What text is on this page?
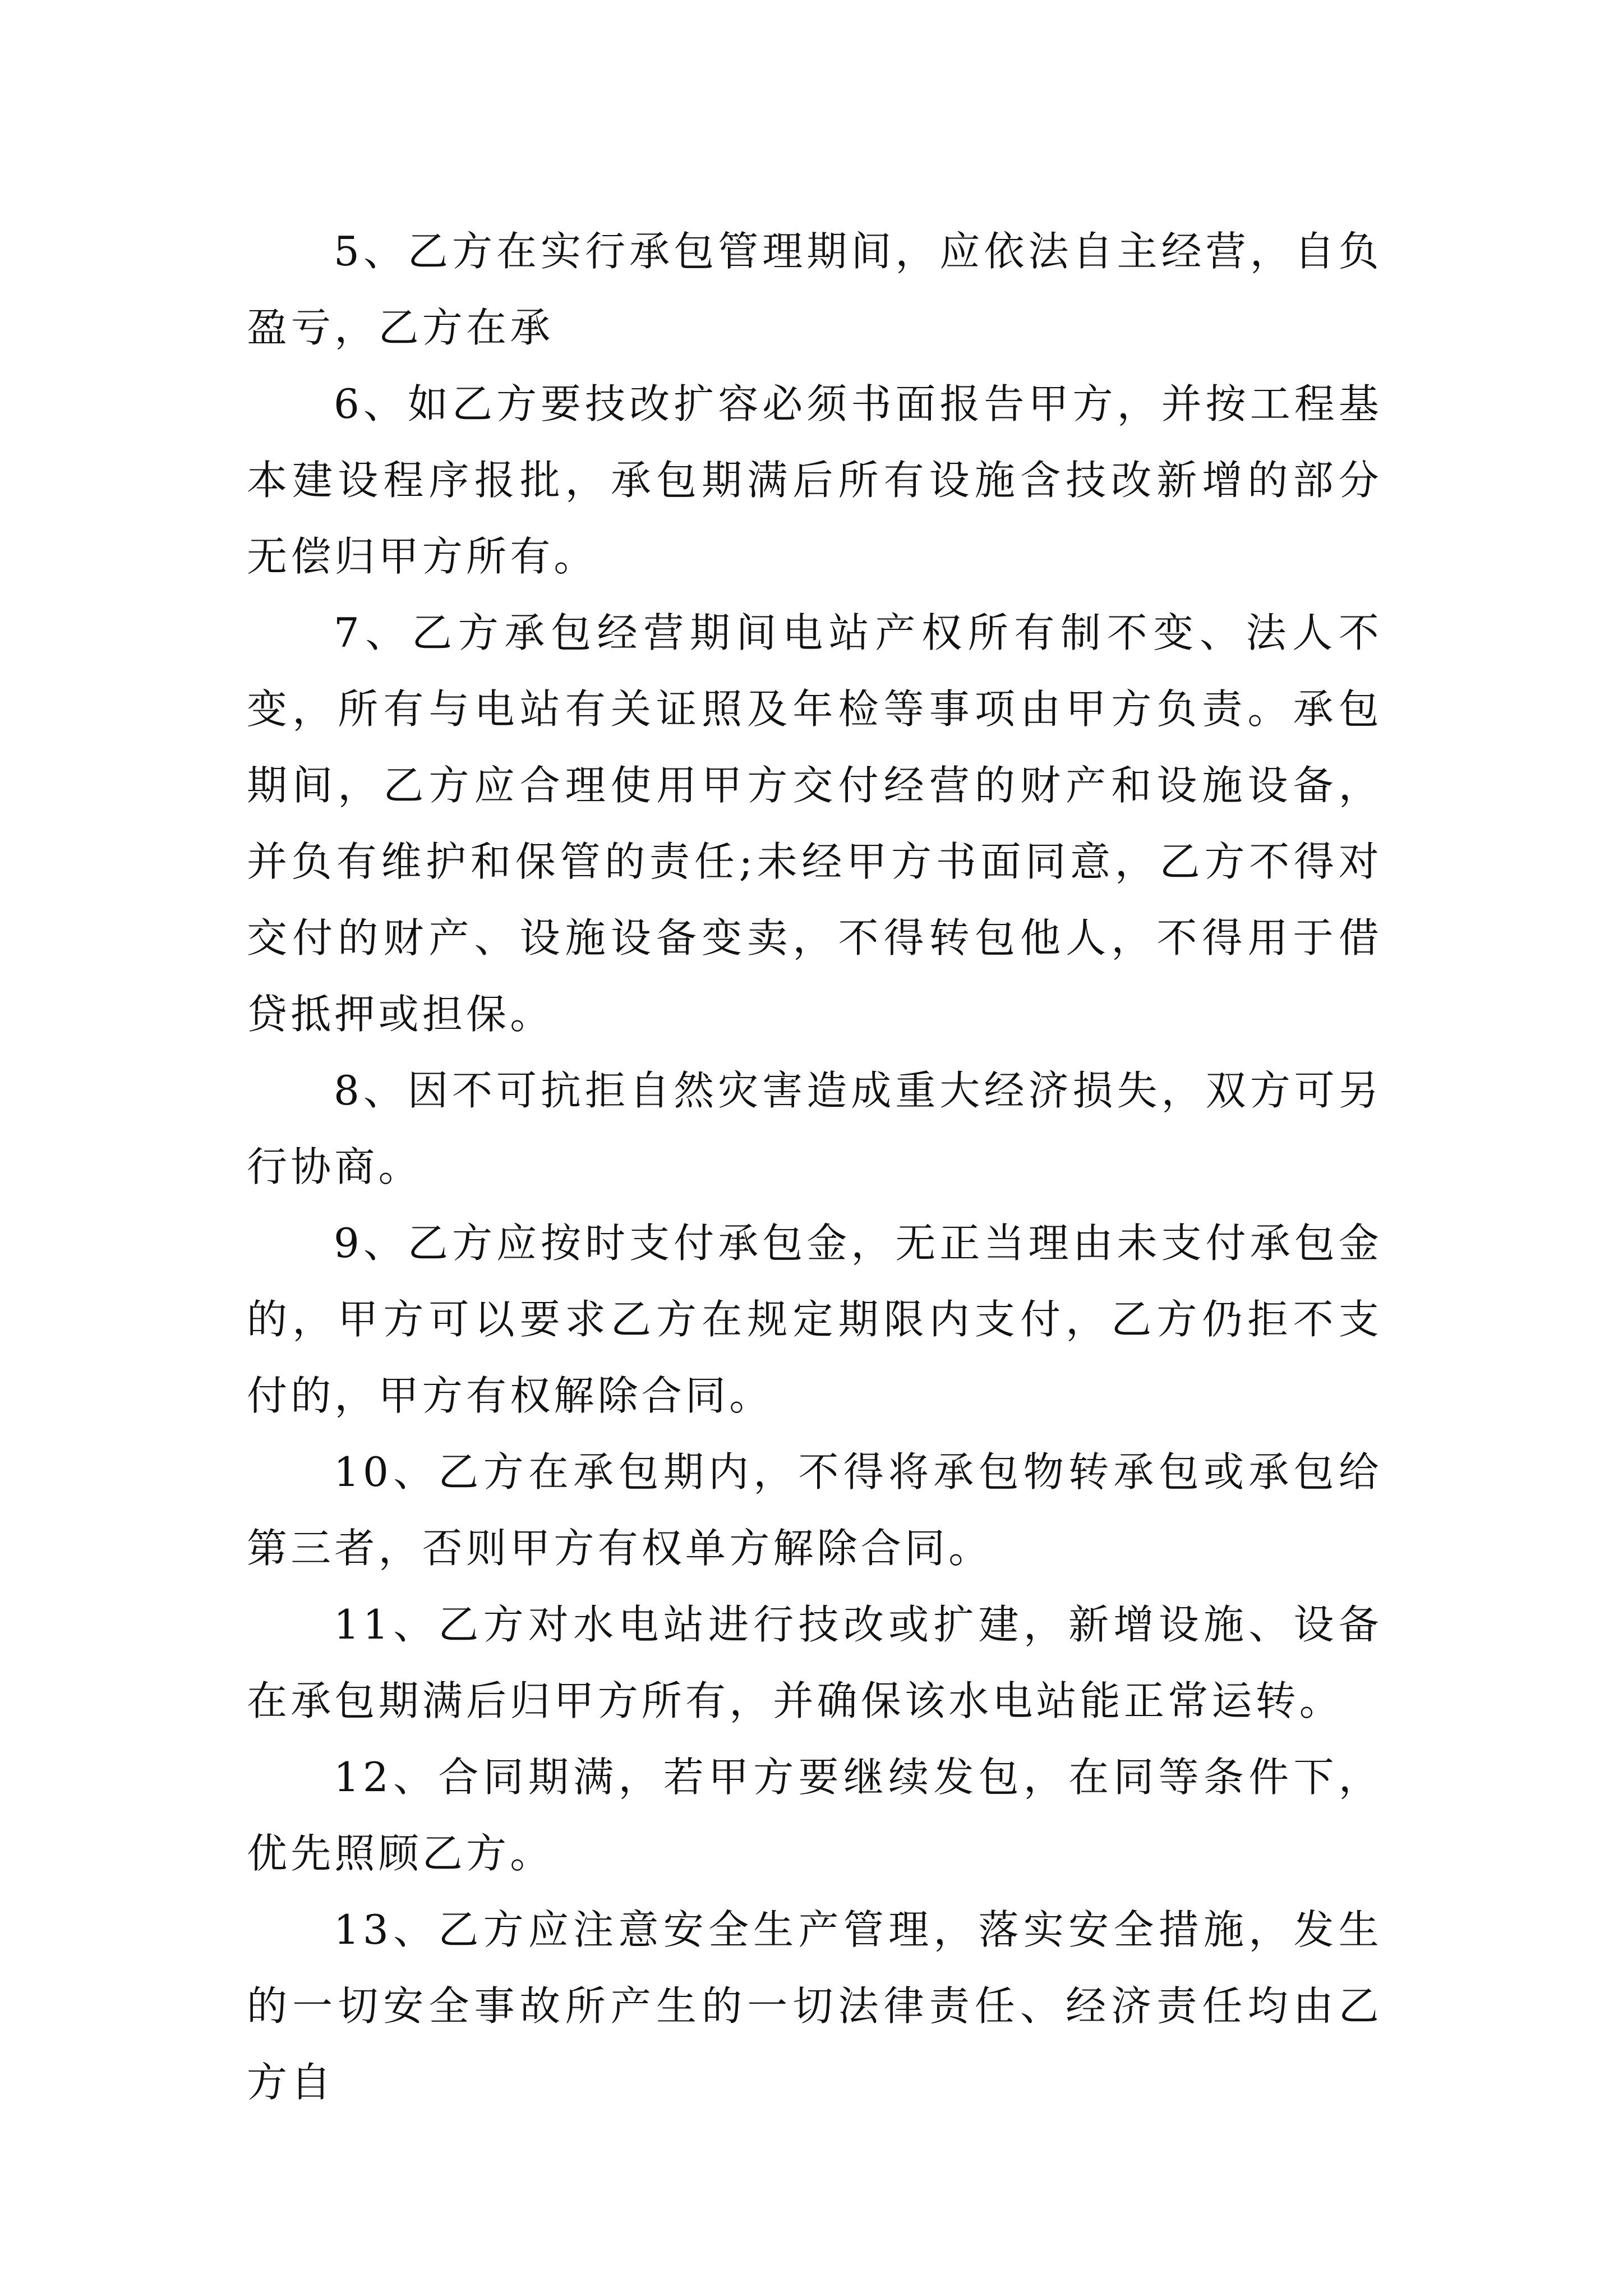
5、乙方在实行承包管理期间，应依法自主经营，自负盈亏，乙方在承

6、如乙方要技改扩容必须书面报告甲方，并按工程基本建设程序报批，承包期满后所有设施含技改新增的部分无偿归甲方所有。

7、乙方承包经营期间电站产权所有制不变、法人不变，所有与电站有关证照及年检等事项由甲方负责。承包期间，乙方应合理使用甲方交付经营的财产和设施设备，并负有维护和保管的责任;未经甲方书面同意，乙方不得对交付的财产、设施设备变卖，不得转包他人，不得用于借贷抵押或担保。

8、因不可抗拒自然灾害造成重大经济损失，双方可另行协商。

9、乙方应按时支付承包金，无正当理由未支付承包金的，甲方可以要求乙方在规定期限内支付，乙方仍拒不支付的，甲方有权解除合同。

10、乙方在承包期内，不得将承包物转承包或承包给第三者，否则甲方有权单方解除合同。

11、乙方对水电站进行技改或扩建，新增设施、设备在承包期满后归甲方所有，并确保该水电站能正常运转。

12、合同期满，若甲方要继续发包，在同等条件下，优先照顾乙方。

13、乙方应注意安全生产管理，落实安全措施，发生的一切安全事故所产生的一切法律责任、经济责任均由乙方自
